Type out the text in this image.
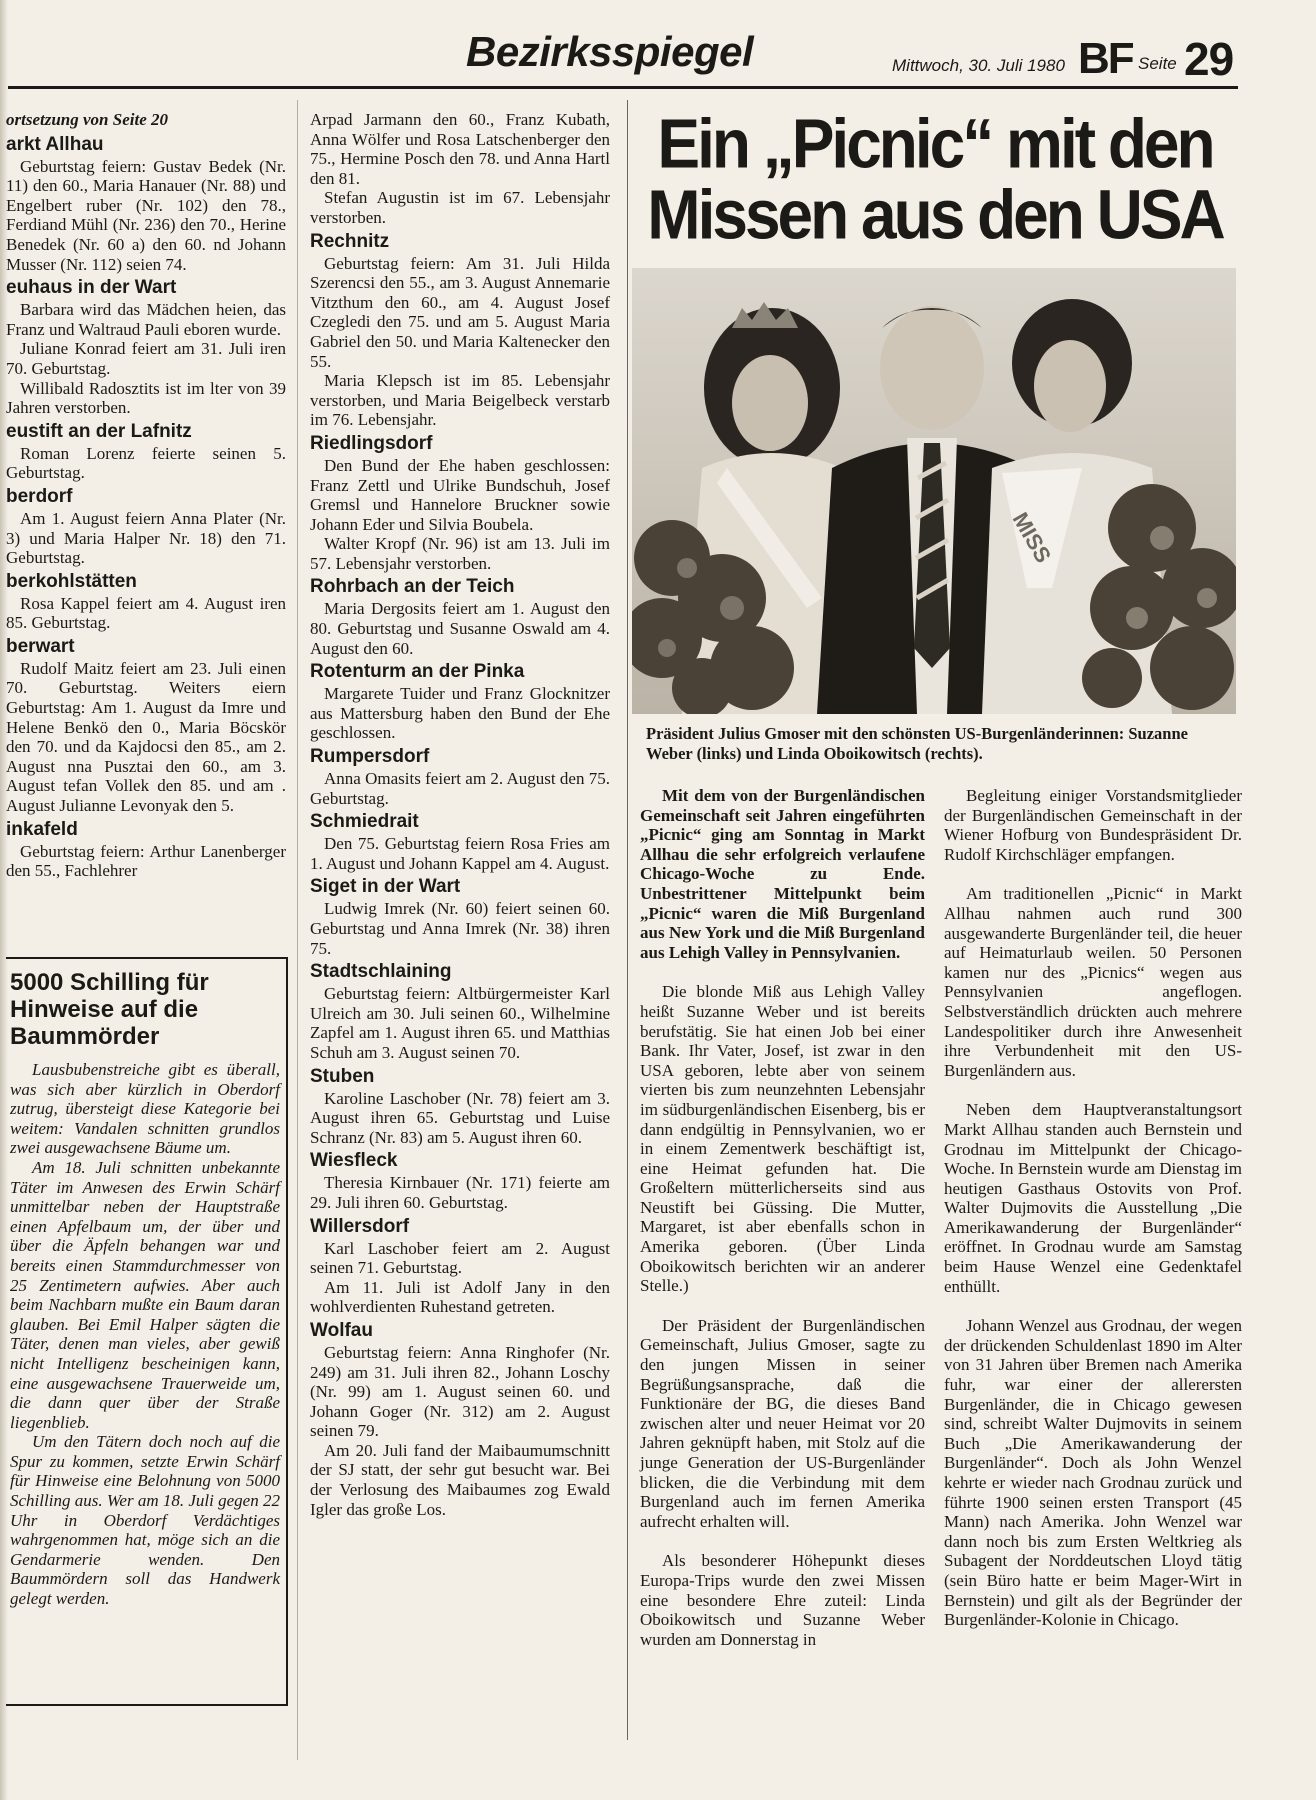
Bezirksspiegel	Mittwoch, 30. Juli 1980 BF Seite 29
ortsetzung von Seite 20
arkt Allhau

Geburtstag feiern: Gustav Bedek (Nr. 11) den 60., Maria Hanauer (Nr. 88) und Engelbert ruber (Nr. 102) den 78., Ferdiand Mühl (Nr. 236) den 70., Herine Benedek (Nr. 60 a) den 60. nd Johann Musser (Nr. 112) seien 74.

euhaus in der Wart

Barbara wird das Mädchen heien, das Franz und Waltraud Pauli eboren wurde.

Juliane Konrad feiert am 31. Juli iren 70. Geburtstag.

Willibald Radosztits ist im lter von 39 Jahren verstorben.

eustift an der Lafnitz

Roman Lorenz feierte seinen 5. Geburtstag.

berdorf

Am 1. August feiern Anna Plater (Nr. 3) und Maria Halper Nr. 18) den 71. Geburtstag.

berkohlstätten

Rosa Kappel feiert am 4. August iren 85. Geburtstag.

berwart

Rudolf Maitz feiert am 23. Juli einen 70. Geburtstag. Weiters eiern Geburtstag: Am 1. August da Imre und Helene Benkö den 0., Maria Böcskör den 70. und da Kajdocsi den 85., am 2. August nna Pusztai den 60., am 3. August tefan Vollek den 85. und am . August Julianne Levonyak den 5.

inkafeld

Geburtstag feiern: Arthur Lanenberger den 55., Fachlehrer

5000 Schilling für Hinweise auf die Baummörder

Lausbubenstreiche gibt es überall, was sich aber kürzlich in Oberdorf zutrug, übersteigt diese Kategorie bei weitem: Vandalen schnitten grundlos zwei ausgewachsene Bäume um.

Am 18. Juli schnitten unbekannte Täter im Anwesen des Erwin Schärf unmittelbar neben der Hauptstraße einen Apfelbaum um, der über und über die Äpfeln behangen war und bereits einen Stammdurchmesser von 25 Zentimetern aufwies. Aber auch beim Nachbarn mußte ein Baum daran glauben. Bei Emil Halper sägten die Täter, denen man vieles, aber gewiß nicht Intelligenz bescheinigen kann, eine ausgewachsene Trauerweide um, die dann quer über der Straße liegenblieb.

Um den Tätern doch noch auf die Spur zu kommen, setzte Erwin Schärf für Hinweise eine Belohnung von 5000 Schilling aus. Wer am 18. Juli gegen 22 Uhr in Oberdorf Verdächtiges wahrgenommen hat, möge sich an die Gendarmerie wenden. Den Baummördern soll das Handwerk gelegt werden.

Arpad Jarmann den 60., Franz Kubath, Anna Wölfer und Rosa Latschenberger den 75., Hermine Posch den 78. und Anna Hartl den 81.

Stefan Augustin ist im 67. Lebensjahr verstorben.

Rechnitz

Geburtstag feiern: Am 31. Juli Hilda Szerencsi den 55., am 3. August Annemarie Vitzthum den 60., am 4. August Josef Czegledi den 75. und am 5. August Maria Gabriel den 50. und Maria Kaltenecker den 55.

Maria Klepsch ist im 85. Lebensjahr verstorben, und Maria Beigelbeck verstarb im 76. Lebensjahr.

Riedlingsdorf

Den Bund der Ehe haben geschlossen: Franz Zettl und Ulrike Bundschuh, Josef Gremsl und Hannelore Bruckner sowie Johann Eder und Silvia Boubela.

Walter Kropf (Nr. 96) ist am 13. Juli im 57. Lebensjahr verstorben.

Rohrbach an der Teich

Maria Dergosits feiert am 1. August den 80. Geburtstag und Susanne Oswald am 4. August den 60.

Rotenturm an der Pinka

Margarete Tuider und Franz Glocknitzer aus Mattersburg haben den Bund der Ehe geschlossen.

Rumpersdorf

Anna Omasits feiert am 2. August den 75. Geburtstag.

Schmiedrait

Den 75. Geburtstag feiern Rosa Fries am 1. August und Johann Kappel am 4. August.

Siget in der Wart

Ludwig Imrek (Nr. 60) feiert seinen 60. Geburtstag und Anna Imrek (Nr. 38) ihren 75.

Stadtschlaining

Geburtstag feiern: Altbürgermeister Karl Ulreich am 30. Juli seinen 60., Wilhelmine Zapfel am 1. August ihren 65. und Matthias Schuh am 3. August seinen 70.

Stuben

Karoline Laschober (Nr. 78) feiert am 3. August ihren 65. Geburtstag und Luise Schranz (Nr. 83) am 5. August ihren 60.

Wiesfleck

Theresia Kirnbauer (Nr. 171) feierte am 29. Juli ihren 60. Geburtstag.

Willersdorf

Karl Laschober feiert am 2. August seinen 71. Geburtstag.

Am 11. Juli ist Adolf Jany in den wohlverdienten Ruhestand getreten.

Wolfau

Geburtstag feiern: Anna Ringhofer (Nr. 249) am 31. Juli ihren 82., Johann Loschy (Nr. 99) am 1. August seinen 60. und Johann Goger (Nr. 312) am 2. August seinen 79.

Am 20. Juli fand der Maibaumumschnitt der SJ statt, der sehr gut besucht war. Bei der Verlosung des Maibaumes zog Ewald Igler das große Los.

Ein „Picnic“ mit den
Missen aus den USA
MISS
Präsident Julius Gmoser mit den schönsten US-Burgenländerinnen: Suzanne Weber (links) und Linda Oboikowitsch (rechts).

Mit dem von der Burgenländischen Gemeinschaft seit Jahren eingeführten „Picnic“ ging am Sonntag in Markt Allhau die sehr erfolgreich verlaufene Chicago-Woche zu Ende. Unbestrittener Mittelpunkt beim „Picnic“ waren die Miß Burgenland aus New York und die Miß Burgenland aus Lehigh Valley in Pennsylvanien.

Die blonde Miß aus Lehigh Valley heißt Suzanne Weber und ist bereits berufstätig. Sie hat einen Job bei einer Bank. Ihr Vater, Josef, ist zwar in den USA geboren, lebte aber von seinem vierten bis zum neunzehnten Lebensjahr im südburgenländischen Eisenberg, bis er dann endgültig in Pennsylvanien, wo er in einem Zementwerk beschäftigt ist, eine Heimat gefunden hat. Die Großeltern mütterlicherseits sind aus Neustift bei Güssing. Die Mutter, Margaret, ist aber ebenfalls schon in Amerika geboren. (Über Linda Oboikowitsch berichten wir an anderer Stelle.)

Der Präsident der Burgenländischen Gemeinschaft, Julius Gmoser, sagte zu den jungen Missen in seiner Begrüßungsansprache, daß die Funktionäre der BG, die dieses Band zwischen alter und neuer Heimat vor 20 Jahren geknüpft haben, mit Stolz auf die junge Generation der US-Burgenländer blicken, die die Verbindung mit dem Burgenland auch im fernen Amerika aufrecht erhalten will.

Als besonderer Höhepunkt dieses Europa-Trips wurde den zwei Missen eine besondere Ehre zuteil: Linda Oboikowitsch und Suzanne Weber wurden am Donnerstag in

Begleitung einiger Vorstandsmitglieder der Burgenländischen Gemeinschaft in der Wiener Hofburg von Bundespräsident Dr. Rudolf Kirchschläger empfangen.

Am traditionellen „Picnic“ in Markt Allhau nahmen auch rund 300 ausgewanderte Burgenländer teil, die heuer auf Heimaturlaub weilen. 50 Personen kamen nur des „Picnics“ wegen aus Pennsylvanien angeflogen. Selbstverständlich drückten auch mehrere Landespolitiker durch ihre Anwesenheit ihre Verbundenheit mit den US-Burgenländern aus.

Neben dem Hauptveranstaltungsort Markt Allhau standen auch Bernstein und Grodnau im Mittelpunkt der Chicago-Woche. In Bernstein wurde am Dienstag im heutigen Gasthaus Ostovits von Prof. Walter Dujmovits die Ausstellung „Die Amerikawanderung der Burgenländer“ eröffnet. In Grodnau wurde am Samstag beim Hause Wenzel eine Gedenktafel enthüllt.

Johann Wenzel aus Grodnau, der wegen der drückenden Schuldenlast 1890 im Alter von 31 Jahren über Bremen nach Amerika fuhr, war einer der allerersten Burgenländer, die in Chicago gewesen sind, schreibt Walter Dujmovits in seinem Buch „Die Amerikawanderung der Burgenländer“. Doch als John Wenzel kehrte er wieder nach Grodnau zurück und führte 1900 seinen ersten Transport (45 Mann) nach Amerika. John Wenzel war dann noch bis zum Ersten Weltkrieg als Subagent der Norddeutschen Lloyd tätig (sein Büro hatte er beim Mager-Wirt in Bernstein) und gilt als der Begründer der Burgenländer-Kolonie in Chicago.
